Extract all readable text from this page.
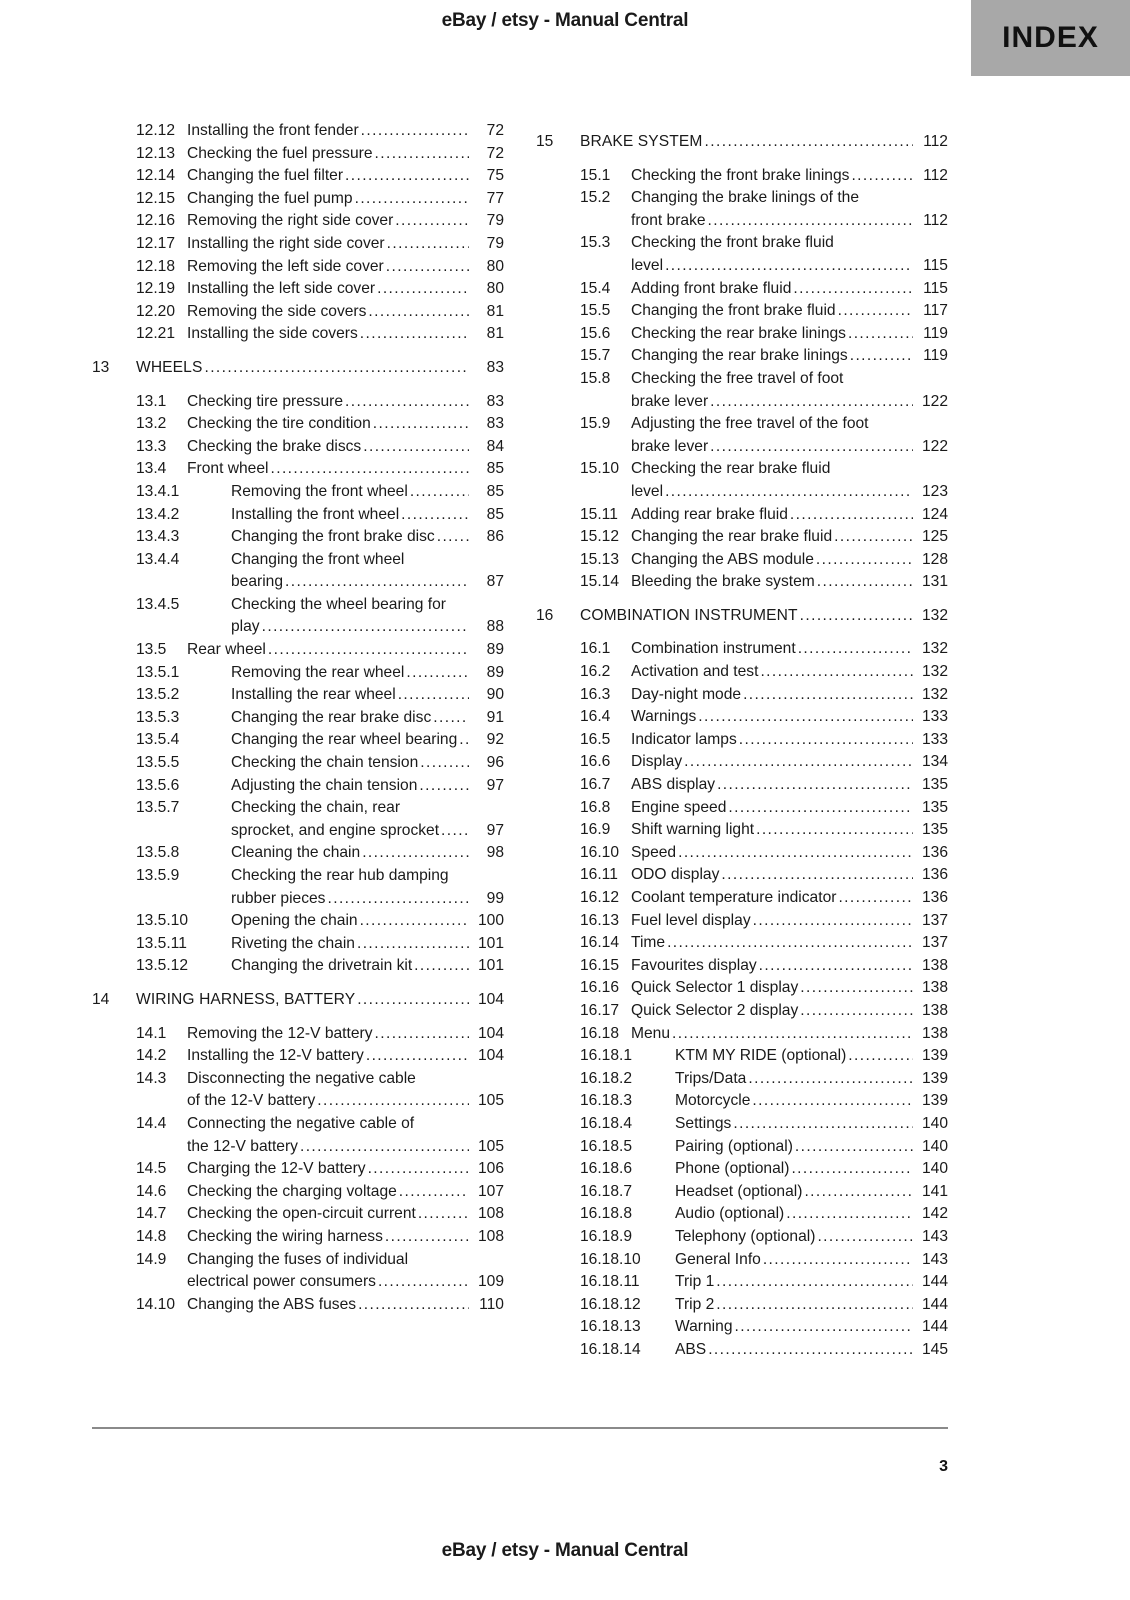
eBay / etsy - Manual Central
INDEX
12.12 Installing the front fender .....	72
12.13 Checking the fuel pressure .....	72
12.14 Changing the fuel filter .....	75
12.15 Changing the fuel pump .....	77
12.16 Removing the right side cover .....	79
12.17 Installing the right side cover .....	79
12.18 Removing the left side cover .....	80
12.19 Installing the left side cover .....	80
12.20 Removing the side covers .....	81
12.21 Installing the side covers .....	81
13	WHEELS .....	83
13.1	Checking tire pressure .....	83
13.2	Checking the tire condition .....	83
13.3	Checking the brake discs .....	84
13.4	Front wheel .....	85
13.4.1	Removing the front wheel .....	85
13.4.2	Installing the front wheel .....	85
13.4.3	Changing the front brake disc .....	86
13.4.4	Changing the front wheel
bearing .....	87
13.4.5	Checking the wheel bearing for
play .....	88
13.5	Rear wheel .....	89
13.5.1	Removing the rear wheel .....	89
13.5.2	Installing the rear wheel .....	90
13.5.3	Changing the rear brake disc .....	91
13.5.4	Changing the rear wheel bearing .....	92
13.5.5	Checking the chain tension .....	96
13.5.6	Adjusting the chain tension .....	97
13.5.7	Checking the chain, rear
sprocket, and engine sprocket .....	97
13.5.8	Cleaning the chain .....	98
13.5.9	Checking the rear hub damping
rubber pieces .....	99
13.5.10	Opening the chain .....	100
13.5.11	Riveting the chain .....	101
13.5.12	Changing the drivetrain kit .....	101
14	WIRING HARNESS, BATTERY .....	104
14.1	Removing the 12-V battery .....	104
14.2	Installing the 12-V battery .....	104
14.3	Disconnecting the negative cable
of the 12-V battery .....	105
14.4	Connecting the negative cable of
the 12-V battery .....	105
14.5	Charging the 12-V battery .....	106
14.6	Checking the charging voltage .....	107
14.7	Checking the open-circuit current .....	108
14.8	Checking the wiring harness .....	108
14.9	Changing the fuses of individual
electrical power consumers .....	109
14.10 Changing the ABS fuses .....	110
15	BRAKE SYSTEM .....	112
15.1	Checking the front brake linings .....	112
15.2	Changing the brake linings of the
front brake .....	112
15.3	Checking the front brake fluid
level .....	115
15.4	Adding front brake fluid .....	115
15.5	Changing the front brake fluid .....	117
15.6	Checking the rear brake linings .....	119
15.7	Changing the rear brake linings .....	119
15.8	Checking the free travel of foot
brake lever .....	122
15.9	Adjusting the free travel of the foot
brake lever .....	122
15.10 Checking the rear brake fluid
level .....	123
15.11 Adding rear brake fluid .....	124
15.12 Changing the rear brake fluid .....	125
15.13 Changing the ABS module .....	128
15.14 Bleeding the brake system .....	131
16	COMBINATION INSTRUMENT .....	132
16.1	Combination instrument .....	132
16.2	Activation and test .....	132
16.3	Day-night mode .....	132
16.4	Warnings .....	133
16.5	Indicator lamps .....	133
16.6	Display .....	134
16.7	ABS display .....	135
16.8	Engine speed .....	135
16.9	Shift warning light .....	135
16.10 Speed .....	136
16.11 ODO display .....	136
16.12 Coolant temperature indicator .....	136
16.13 Fuel level display .....	137
16.14 Time .....	137
16.15 Favourites display .....	138
16.16 Quick Selector 1 display .....	138
16.17 Quick Selector 2 display .....	138
16.18 Menu .....	138
16.18.1	KTM MY RIDE (optional) .....	139
16.18.2	Trips/Data .....	139
16.18.3	Motorcycle .....	139
16.18.4	Settings .....	140
16.18.5	Pairing (optional) .....	140
16.18.6	Phone (optional) .....	140
16.18.7	Headset (optional) .....	141
16.18.8	Audio (optional) .....	142
16.18.9	Telephony (optional) .....	143
16.18.10	General Info .....	143
16.18.11	Trip 1 .....	144
16.18.12	Trip 2 .....	144
16.18.13	Warning .....	144
16.18.14	ABS .....	145
3
eBay / etsy - Manual Central
